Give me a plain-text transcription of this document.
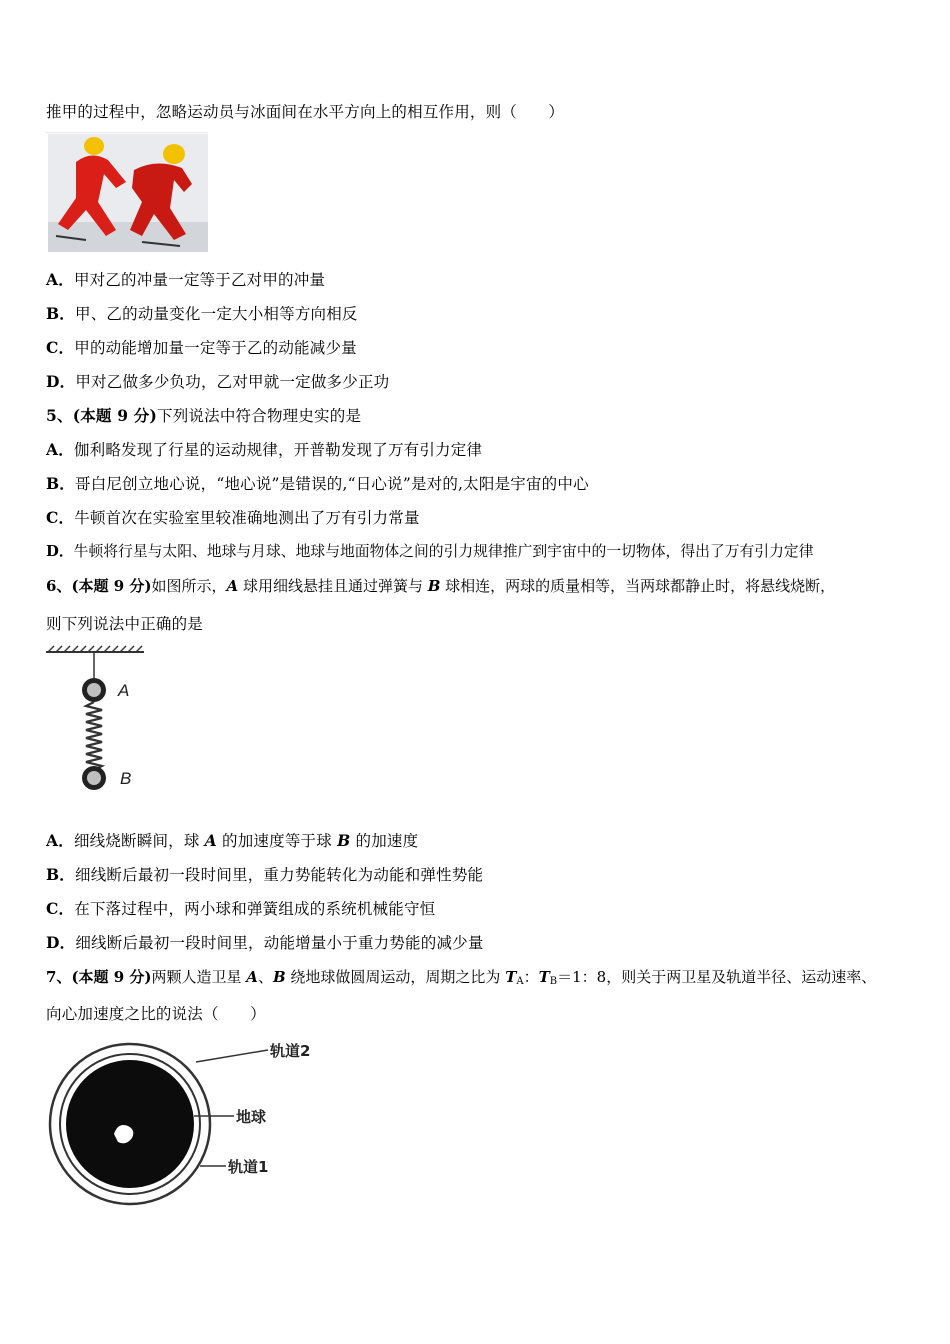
推甲的过程中，忽略运动员与冰面间在水平方向上的相互作用，则（　　）
A．甲对乙的冲量一定等于乙对甲的冲量
B．甲、乙的动量变化一定大小相等方向相反
C．甲的动能增加量一定等于乙的动能减少量
D．甲对乙做多少负功，乙对甲就一定做多少正功
5、(本题 9 分)下列说法中符合物理史实的是
A．伽利略发现了行星的运动规律，开普勒发现了万有引力定律
B．哥白尼创立地心说，“地心说”是错误的,“日心说”是对的,太阳是宇宙的中心
C．牛顿首次在实验室里较准确地测出了万有引力常量
D．牛顿将行星与太阳、地球与月球、地球与地面物体之间的引力规律推广到宇宙中的一切物体，得出了万有引力定律
6、(本题 9 分)如图所示，A 球用细线悬挂且通过弹簧与 B 球相连，两球的质量相等，当两球都静止时，将悬线烧断，
则下列说法中正确的是
A
B
A．细线烧断瞬间，球 A 的加速度等于球 B 的加速度
B．细线断后最初一段时间里，重力势能转化为动能和弹性势能
C．在下落过程中，两小球和弹簧组成的系统机械能守恒
D．细线断后最初一段时间里，动能增量小于重力势能的减少量
7、(本题 9 分)两颗人造卫星 A、B 绕地球做圆周运动，周期之比为 $T_A$：$T_B=1$：8，则关于两卫星及轨道半径、运动速率、
向心加速度之比的说法（　　）
轨道2
地球
轨道1
